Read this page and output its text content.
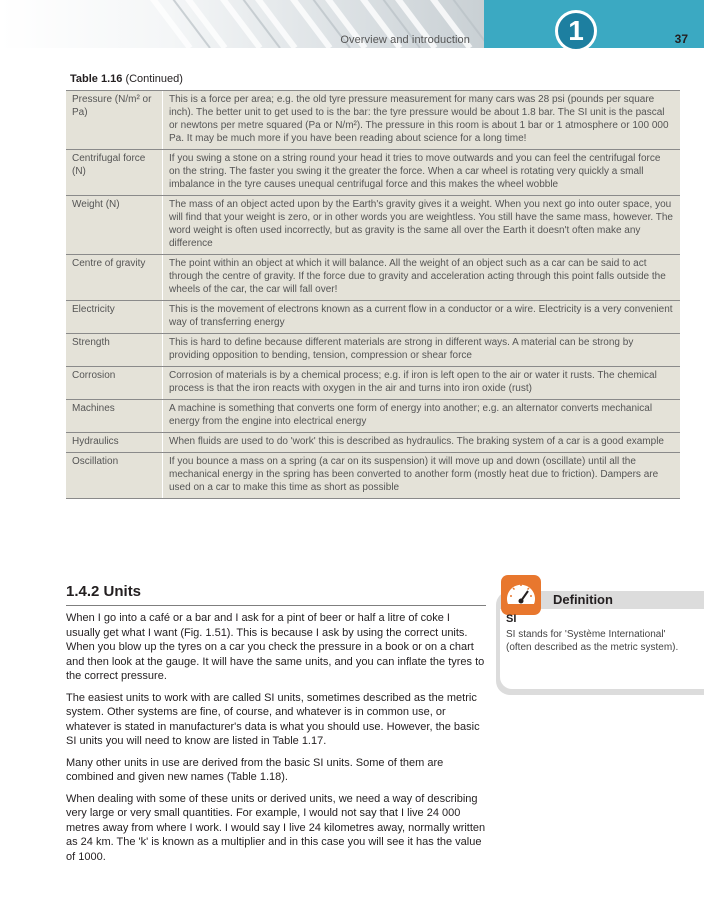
1
Overview and introduction	37
Table 1.16 (Continued)
Pressure (N/m² or Pa)	This is a force per area; e.g. the old tyre pressure measurement for many cars was 28 psi (pounds per square inch). The better unit to get used to is the bar: the tyre pressure would be about 1.8 bar. The SI unit is the pascal or newtons per metre squared (Pa or N/m²). The pressure in this room is about 1 bar or 1 atmosphere or 100 000 Pa. It may be much more if you have been reading about science for a long time!
Centrifugal force (N)	If you swing a stone on a string round your head it tries to move outwards and you can feel the centrifugal force on the string. The faster you swing it the greater the force. When a car wheel is rotating very quickly a small imbalance in the tyre causes unequal centrifugal force and this makes the wheel wobble
Weight (N)	The mass of an object acted upon by the Earth's gravity gives it a weight. When you next go into outer space, you will find that your weight is zero, or in other words you are weightless. You still have the same mass, however. The word weight is often used incorrectly, but as gravity is the same all over the Earth it doesn't often make any difference
Centre of gravity	The point within an object at which it will balance. All the weight of an object such as a car can be said to act through the centre of gravity. If the force due to gravity and acceleration acting through this point falls outside the wheels of the car, the car will fall over!
Electricity	This is the movement of electrons known as a current flow in a conductor or a wire. Electricity is a very convenient way of transferring energy
Strength	This is hard to define because different materials are strong in different ways. A material can be strong by providing opposition to bending, tension, compression or shear force
Corrosion	Corrosion of materials is by a chemical process; e.g. if iron is left open to the air or water it rusts. The chemical process is that the iron reacts with oxygen in the air and turns into iron oxide (rust)
Machines	A machine is something that converts one form of energy into another; e.g. an alternator converts mechanical energy from the engine into electrical energy
Hydraulics	When fluids are used to do 'work' this is described as hydraulics. The braking system of a car is a good example
Oscillation	If you bounce a mass on a spring (a car on its suspension) it will move up and down (oscillate) until all the mechanical energy in the spring has been converted to another form (mostly heat due to friction). Dampers are used on a car to make this time as short as possible
1.4.2 Units

When I go into a café or a bar and I ask for a pint of beer or half a litre of coke I usually get what I want (Fig. 1.51). This is because I ask by using the correct units. When you blow up the tyres on a car you check the pressure in a book or on a chart and then look at the gauge. It will have the same units, and you can inflate the tyres to the correct pressure.

The easiest units to work with are called SI units, sometimes described as the metric system. Other systems are fine, of course, and whatever is in common use, or whatever is stated in manufacturer's data is what you should use. However, the basic SI units you will need to know are listed in Table 1.17.

Many other units in use are derived from the basic SI units. Some of them are combined and given new names (Table 1.18).

When dealing with some of these units or derived units, we need a way of describing very large or very small quantities. For example, I would not say that I live 24 000 metres away from where I work. I would say I live 24 kilometres away, normally written as 24 km. The 'k' is known as a multiplier and in this case you will see it has the value of 1000.

Definition
SI
SI stands for 'Système International' (often described as the metric system).
